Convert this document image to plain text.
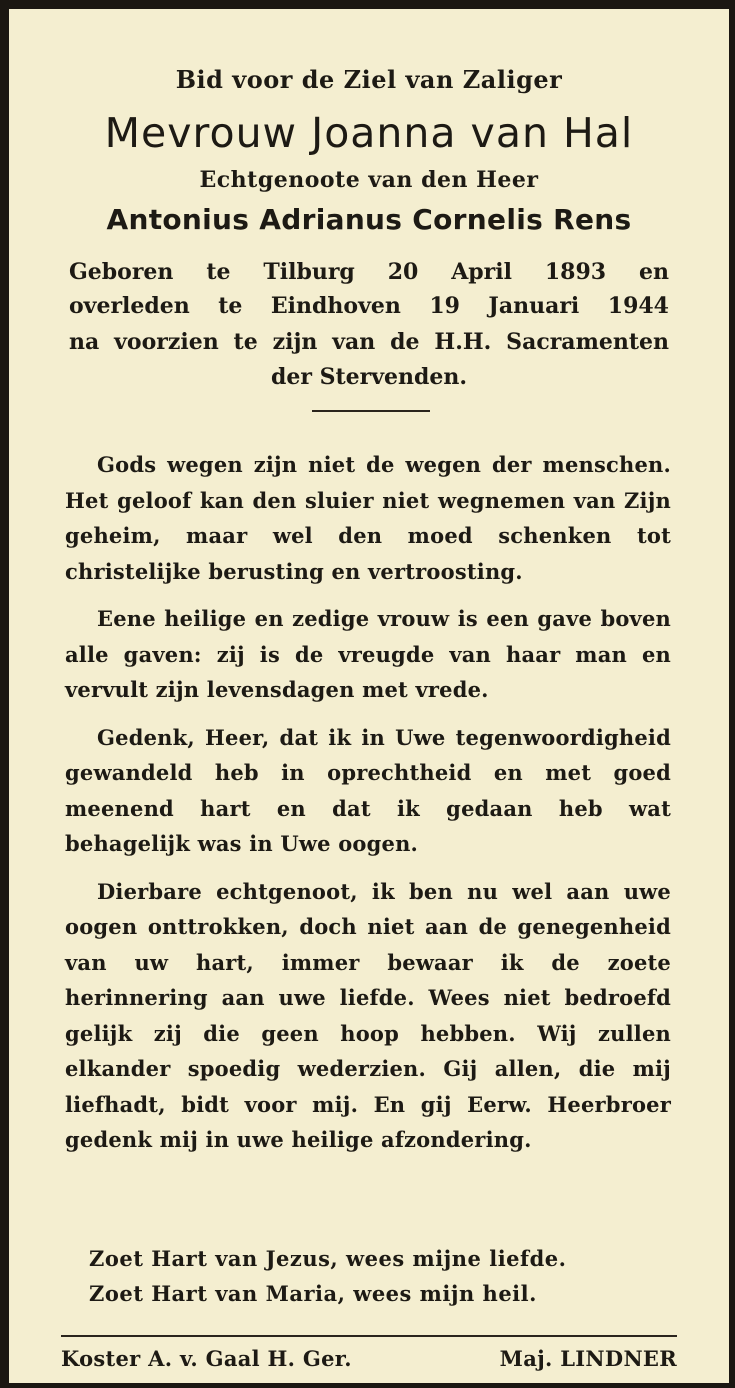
Bid voor de Ziel van Zaliger
Mevrouw Joanna van Hal
Echtgenoote van den Heer
Antonius Adrianus Cornelis Rens
Geboren te Tilburg 20 April 1893 en
overleden te Eindhoven 19 Januari 1944
na voorzien te zijn van de H.H. Sacramenten
der Stervenden.

Gods wegen zijn niet de wegen der menschen. Het geloof kan den sluier niet wegnemen van Zijn geheim, maar wel den moed schenken tot christelijke berusting en vertroosting.

Eene heilige en zedige vrouw is een gave boven alle gaven: zij is de vreugde van haar man en vervult zijn levensdagen met vrede.

Gedenk, Heer, dat ik in Uwe tegenwoordigheid gewandeld heb in oprechtheid en met goed meenend hart en dat ik gedaan heb wat behagelijk was in Uwe oogen.

Dierbare echtgenoot, ik ben nu wel aan uwe oogen onttrokken, doch niet aan de genegenheid van uw hart, immer bewaar ik de zoete herinnering aan uwe liefde. Wees niet bedroefd gelijk zij die geen hoop hebben. Wij zullen elkander spoedig wederzien. Gij allen, die mij liefhadt, bidt voor mij. En gij Eerw. Heerbroer gedenk mij in uwe heilige afzondering.

Zoet Hart van Jezus, wees mijne liefde.
Zoet Hart van Maria, wees mijn heil.
Koster A. v. Gaal H. Ger.	Maj. LINDNER
